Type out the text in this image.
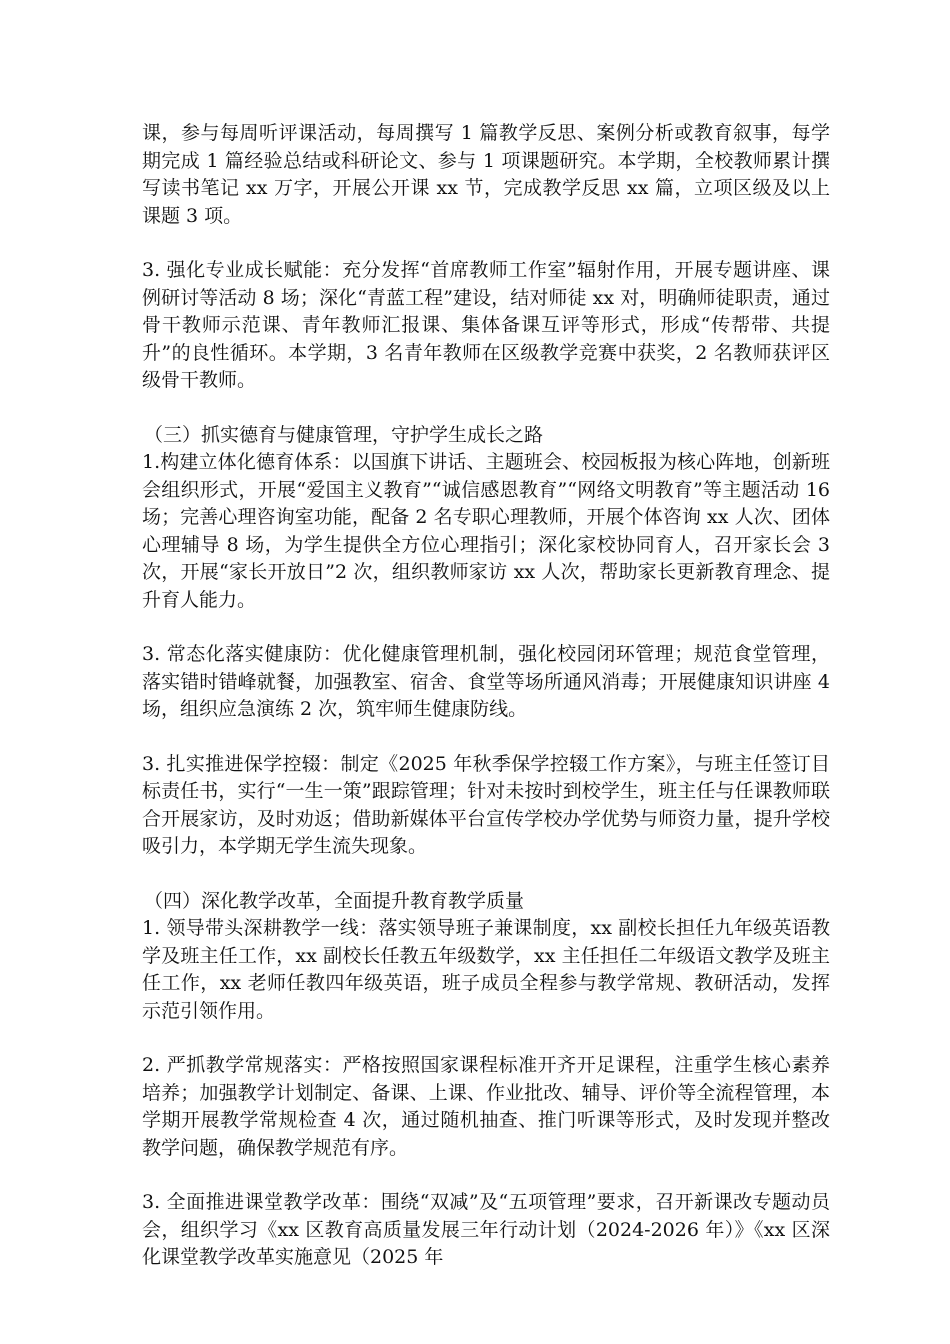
课，参与每周听评课活动，每周撰写 1 篇教学反思、案例分析或教育叙事，每学期完成 1 篇经验总结或科研论文、参与 1 项课题研究。本学期，全校教师累计撰写读书笔记 xx 万字，开展公开课 xx 节，完成教学反思 xx 篇，立项区级及以上课题 3 项。

3. 强化专业成长赋能：充分发挥“首席教师工作室”辐射作用，开展专题讲座、课例研讨等活动 8 场；深化“青蓝工程”建设，结对师徒 xx 对，明确师徒职责，通过骨干教师示范课、青年教师汇报课、集体备课互评等形式，形成“传帮带、共提升”的良性循环。本学期，3 名青年教师在区级教学竞赛中获奖，2 名教师获评区级骨干教师。

（三）抓实德育与健康管理，守护学生成长之路

1.构建立体化德育体系：以国旗下讲话、主题班会、校园板报为核心阵地，创新班会组织形式，开展“爱国主义教育”“诚信感恩教育”“网络文明教育”等主题活动 16 场；完善心理咨询室功能，配备 2 名专职心理教师，开展个体咨询 xx 人次、团体心理辅导 8 场，为学生提供全方位心理指引；深化家校协同育人，召开家长会 3 次，开展“家长开放日”2 次，组织教师家访 xx 人次，帮助家长更新教育理念、提升育人能力。

3. 常态化落实健康防：优化健康管理机制，强化校园闭环管理；规范食堂管理，落实错时错峰就餐，加强教室、宿舍、食堂等场所通风消毒；开展健康知识讲座 4 场，组织应急演练 2 次，筑牢师生健康防线。

3. 扎实推进保学控辍：制定《2025 年秋季保学控辍工作方案》，与班主任签订目标责任书，实行“一生一策”跟踪管理；针对未按时到校学生，班主任与任课教师联合开展家访，及时劝返；借助新媒体平台宣传学校办学优势与师资力量，提升学校吸引力，本学期无学生流失现象。

（四）深化教学改革，全面提升教育教学质量

1. 领导带头深耕教学一线：落实领导班子兼课制度，xx 副校长担任九年级英语教学及班主任工作，xx 副校长任教五年级数学，xx 主任担任二年级语文教学及班主任工作，xx 老师任教四年级英语，班子成员全程参与教学常规、教研活动，发挥示范引领作用。

2. 严抓教学常规落实：严格按照国家课程标准开齐开足课程，注重学生核心素养培养；加强教学计划制定、备课、上课、作业批改、辅导、评价等全流程管理，本学期开展教学常规检查 4 次，通过随机抽查、推门听课等形式，及时发现并整改教学问题，确保教学规范有序。

3. 全面推进课堂教学改革：围绕“双减”及“五项管理”要求，召开新课改专题动员会，组织学习《xx 区教育高质量发展三年行动计划（2024-2026 年）》《xx 区深化课堂教学改革实施意见（2025 年
